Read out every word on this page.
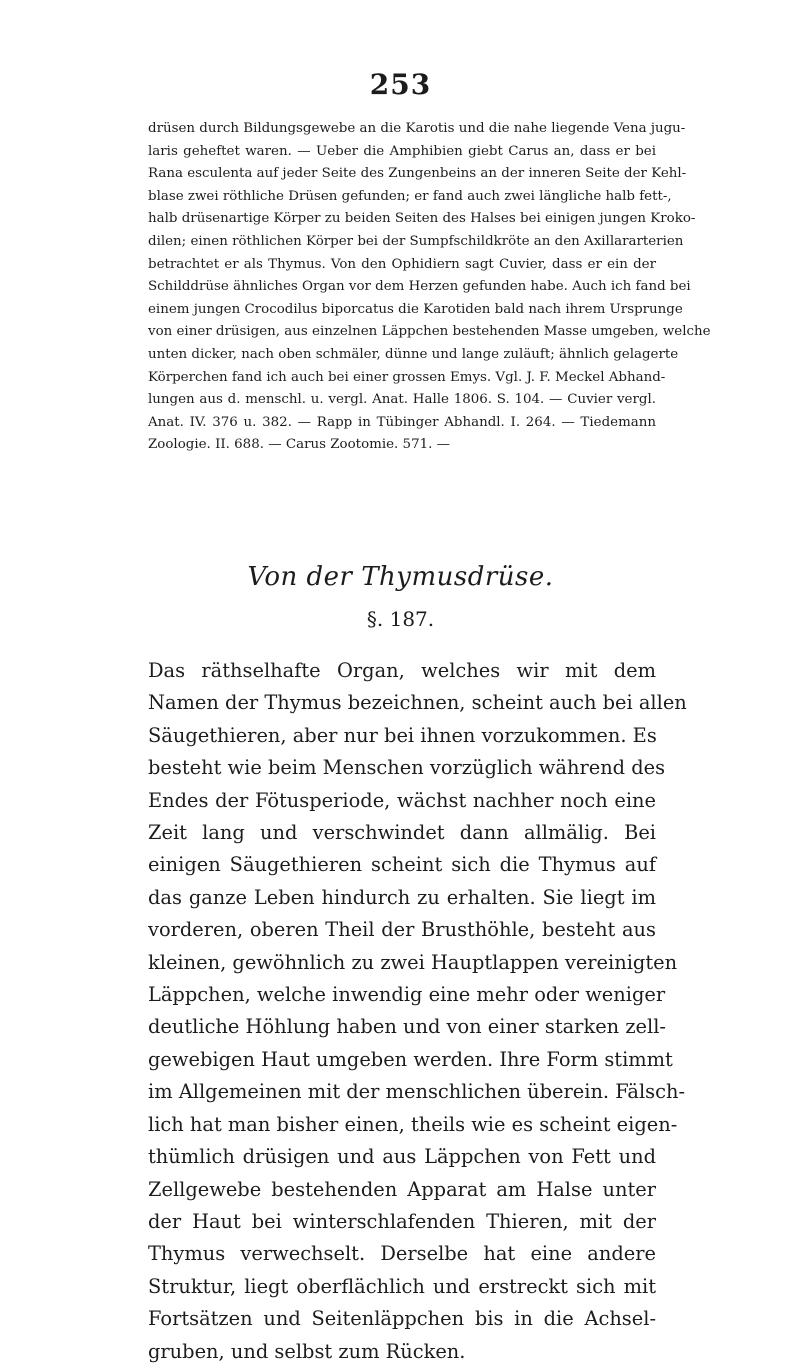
253
drüsen durch Bildungsgewebe an die Karotis und die nahe liegende Vena jugu-
laris geheftet waren. — Ueber die Amphibien giebt Carus an, dass er bei
Rana esculenta auf jeder Seite des Zungenbeins an der inneren Seite der Kehl-
blase zwei röthliche Drüsen gefunden; er fand auch zwei längliche halb fett-,
halb drüsenartige Körper zu beiden Seiten des Halses bei einigen jungen Kroko-
dilen; einen röthlichen Körper bei der Sumpfschildkröte an den Axillararterien
betrachtet er als Thymus. Von den Ophidiern sagt Cuvier, dass er ein der
Schilddrüse ähnliches Organ vor dem Herzen gefunden habe. Auch ich fand bei
einem jungen Crocodilus biporcatus die Karotiden bald nach ihrem Ursprunge
von einer drüsigen, aus einzelnen Läppchen bestehenden Masse umgeben, welche
unten dicker, nach oben schmäler, dünne und lange zuläuft; ähnlich gelagerte
Körperchen fand ich auch bei einer grossen Emys. Vgl. J. F. Meckel Abhand-
lungen aus d. menschl. u. vergl. Anat. Halle 1806. S. 104. — Cuvier vergl.
Anat. IV. 376 u. 382. — Rapp in Tübinger Abhandl. I. 264. — Tiedemann
Zoologie. II. 688. — Carus Zootomie. 571. —
Von der Thymusdrüse.
§. 187.
Das räthselhafte Organ, welches wir mit dem
Namen der Thymus bezeichnen, scheint auch bei allen
Säugethieren, aber nur bei ihnen vorzukommen. Es
besteht wie beim Menschen vorzüglich während des
Endes der Fötusperiode, wächst nachher noch eine
Zeit lang und verschwindet dann allmälig. Bei
einigen Säugethieren scheint sich die Thymus auf
das ganze Leben hindurch zu erhalten. Sie liegt im
vorderen, oberen Theil der Brusthöhle, besteht aus
kleinen, gewöhnlich zu zwei Hauptlappen vereinigten
Läppchen, welche inwendig eine mehr oder weniger
deutliche Höhlung haben und von einer starken zell-
gewebigen Haut umgeben werden. Ihre Form stimmt
im Allgemeinen mit der menschlichen überein. Fälsch-
lich hat man bisher einen, theils wie es scheint eigen-
thümlich drüsigen und aus Läppchen von Fett und
Zellgewebe bestehenden Apparat am Halse unter
der Haut bei winterschlafenden Thieren, mit der
Thymus verwechselt. Derselbe hat eine andere
Struktur, liegt oberflächlich und erstreckt sich mit
Fortsätzen und Seitenläppchen bis in die Achsel-
gruben, und selbst zum Rücken.
